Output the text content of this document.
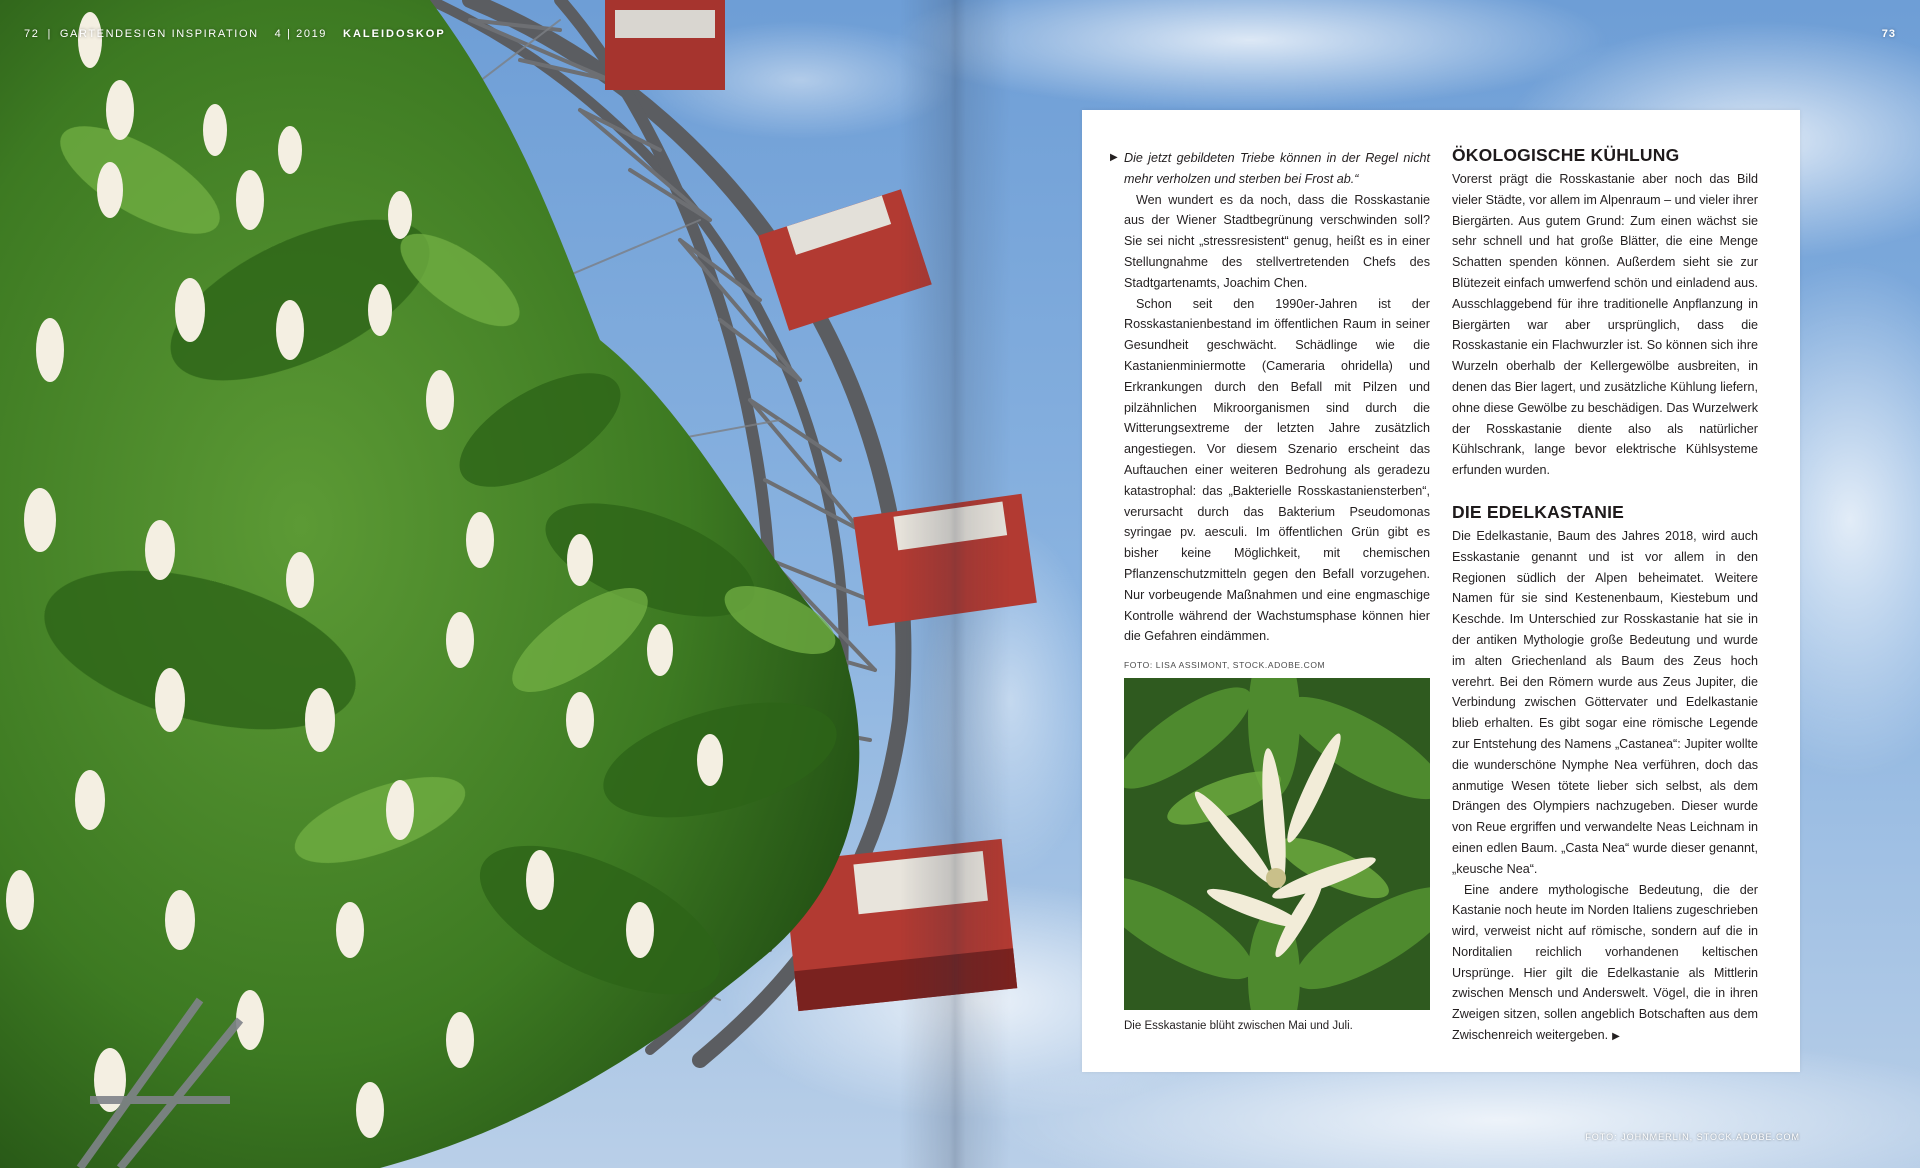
72 | GARTENDESIGN INSPIRATION 4 | 2019 KALEIDOSKOP	73
FOTO: JOHNMERLIN, STOCK.ADOBE.COM

▶ Die jetzt gebildeten Triebe können in der Regel nicht mehr verholzen und sterben bei Frost ab.“

Wen wundert es da noch, dass die Rosskastanie aus der Wiener Stadtbegrünung verschwinden soll? Sie sei nicht „stressresistent“ genug, heißt es in einer Stellungnahme des stellvertretenden Chefs des Stadtgartenamts, Joachim Chen.

Schon seit den 1990er-Jahren ist der Rosskastanienbestand im öffentlichen Raum in seiner Gesundheit geschwächt. Schädlinge wie die Kastanienminiermotte (Cameraria ohridella) und Erkrankungen durch den Befall mit Pilzen und pilzähnlichen Mikroorganismen sind durch die Witterungsextreme der letzten Jahre zusätzlich angestiegen. Vor diesem Szenario erscheint das Auftauchen einer weiteren Bedrohung als geradezu katastrophal: das „Bakterielle Rosskastaniensterben“, verursacht durch das Bakterium Pseudomonas syringae pv. aesculi. Im öffentlichen Grün gibt es bisher keine Möglichkeit, mit chemischen Pflanzenschutzmitteln gegen den Befall vorzugehen. Nur vorbeugende Maßnahmen und eine engmaschige Kontrolle während der Wachstumsphase können hier die Gefahren eindämmen.

FOTO: LISA ASSIMONT, STOCK.ADOBE.COM
Die Esskastanie blüht zwischen Mai und Juli.
ÖKOLOGISCHE KÜHLUNG

Vorerst prägt die Rosskastanie aber noch das Bild vieler Städte, vor allem im Alpenraum – und vieler ihrer Biergärten. Aus gutem Grund: Zum einen wächst sie sehr schnell und hat große Blätter, die eine Menge Schatten spenden können. Außerdem sieht sie zur Blütezeit einfach umwerfend schön und einladend aus. Ausschlaggebend für ihre traditionelle Anpflanzung in Biergärten war aber ursprünglich, dass die Rosskastanie ein Flachwurzler ist. So können sich ihre Wurzeln oberhalb der Kellergewölbe ausbreiten, in denen das Bier lagert, und zusätzliche Kühlung liefern, ohne diese Gewölbe zu beschädigen. Das Wurzelwerk der Rosskastanie diente also als natürlicher Kühlschrank, lange bevor elektrische Kühlsysteme erfunden wurden.

DIE EDELKASTANIE

Die Edelkastanie, Baum des Jahres 2018, wird auch Esskastanie genannt und ist vor allem in den Regionen südlich der Alpen beheimatet. Weitere Namen für sie sind Kestenenbaum, Kiestebum und Keschde. Im Unterschied zur Rosskastanie hat sie in der antiken Mythologie große Bedeutung und wurde im alten Griechenland als Baum des Zeus hoch verehrt. Bei den Römern wurde aus Zeus Jupiter, die Verbindung zwischen Göttervater und Edelkastanie blieb erhalten. Es gibt sogar eine römische Legende zur Entstehung des Namens „Castanea“: Jupiter wollte die wunderschöne Nymphe Nea verführen, doch das anmutige Wesen tötete lieber sich selbst, als dem Drängen des Olympiers nachzugeben. Dieser wurde von Reue ergriffen und verwandelte Neas Leichnam in einen edlen Baum. „Casta Nea“ wurde dieser genannt, „keusche Nea“.

Eine andere mythologische Bedeutung, die der Kastanie noch heute im Norden Italiens zugeschrieben wird, verweist nicht auf römische, sondern auf die in Norditalien reichlich vorhandenen keltischen Ursprünge. Hier gilt die Edelkastanie als Mittlerin zwischen Mensch und Anderswelt. Vögel, die in ihren Zweigen sitzen, sollen angeblich Botschaften aus dem Zwischenreich weitergeben. ▶
